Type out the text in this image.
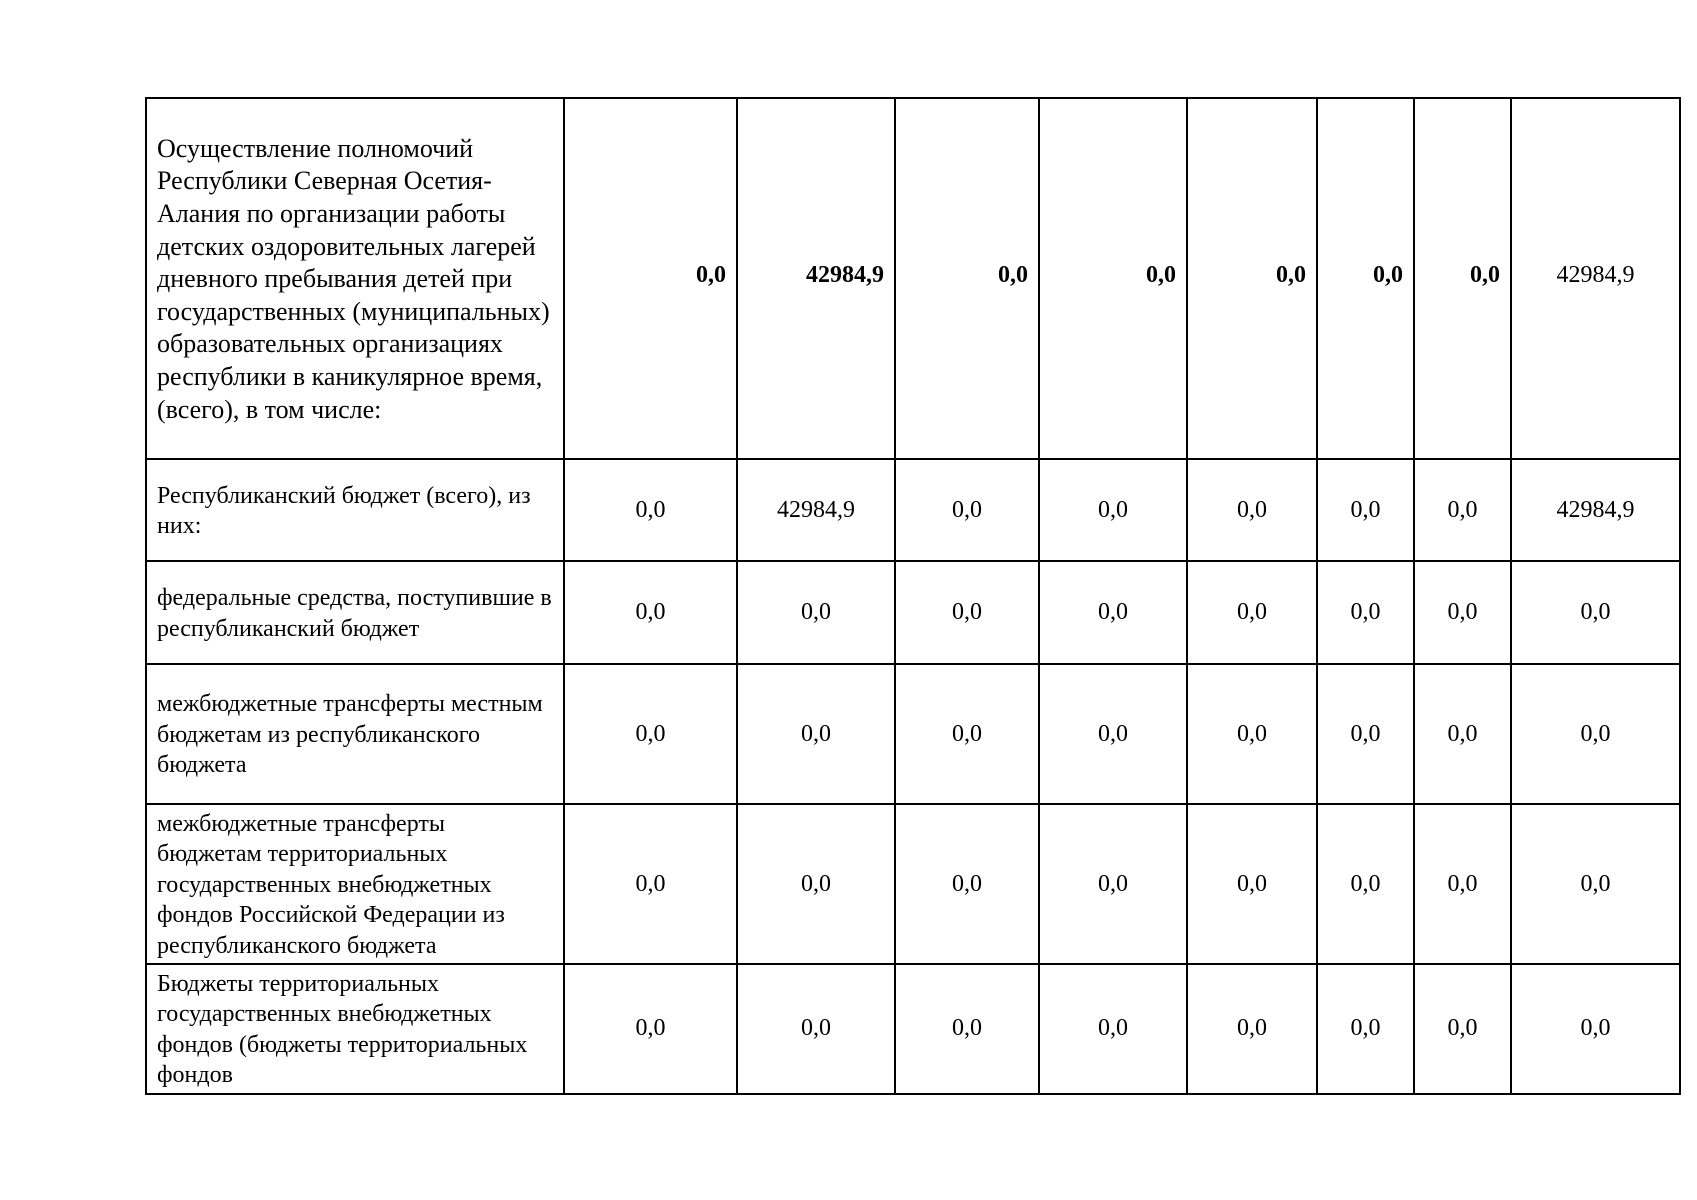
Осуществление полномочий Республики Северная Осетия-Алания по организации работы детских оздоровительных лагерей дневного пребывания детей при государственных (муниципальных) образовательных организациях республики в каникулярное время, (всего), в том числе:	0,0	42984,9	0,0	0,0	0,0	0,0	0,0	42984,9
Республиканский бюджет (всего), из них:	0,0	42984,9	0,0	0,0	0,0	0,0	0,0	42984,9
федеральные средства, поступившие в республиканский бюджет	0,0	0,0	0,0	0,0	0,0	0,0	0,0	0,0
межбюджетные трансферты местным бюджетам из республиканского бюджета	0,0	0,0	0,0	0,0	0,0	0,0	0,0	0,0
межбюджетные трансферты бюджетам территориальных государственных внебюджетных фондов Российской Федерации из республиканского бюджета	0,0	0,0	0,0	0,0	0,0	0,0	0,0	0,0
Бюджеты территориальных государственных внебюджетных фондов (бюджеты территориальных фондов	0,0	0,0	0,0	0,0	0,0	0,0	0,0	0,0
